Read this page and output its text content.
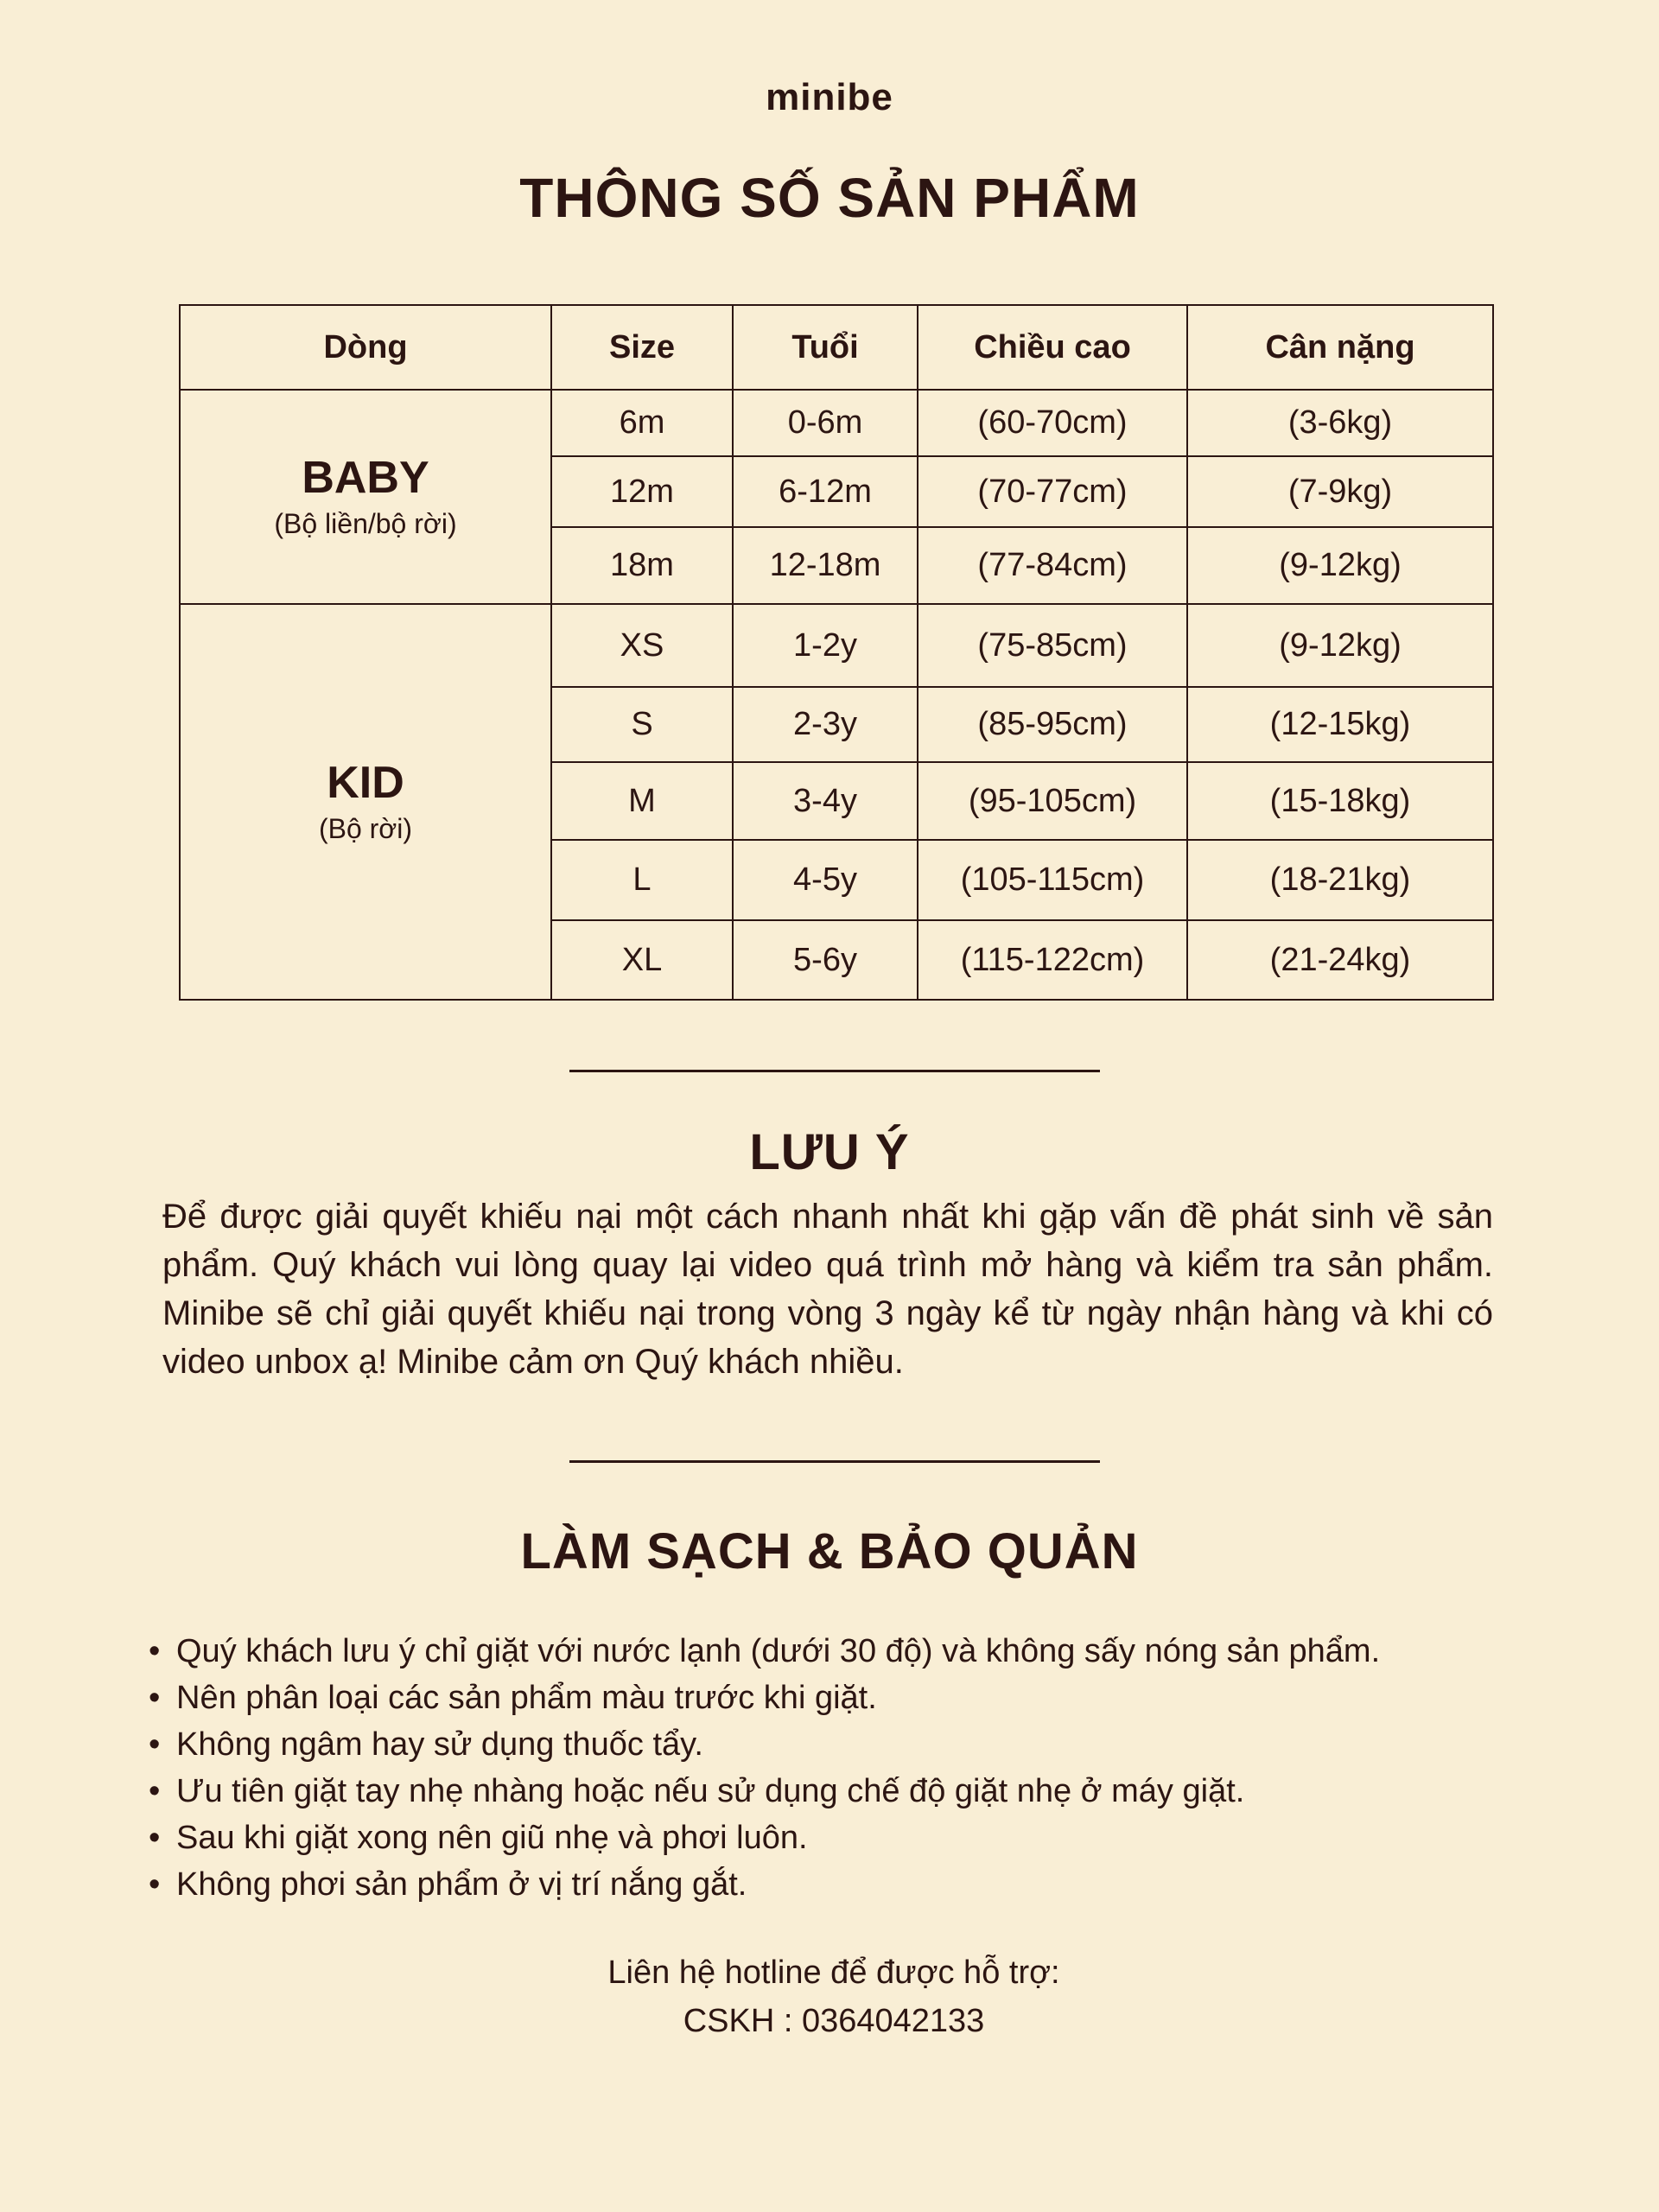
minibe
THÔNG SỐ SẢN PHẨM
Dòng	Size	Tuổi	Chiều cao	Cân nặng

BABY
(Bộ liền/bộ rời)	6m	0-6m	(60-70cm)	(3-6kg)
	12m	6-12m	(70-77cm)	(7-9kg)
	18m	12-18m	(77-84cm)	(9-12kg)

KID
(Bộ rời)	XS	1-2y	(75-85cm)	(9-12kg)
	S	2-3y	(85-95cm)	(12-15kg)
	M	3-4y	(95-105cm)	(15-18kg)
	L	4-5y	(105-115cm)	(18-21kg)
	XL	5-6y	(115-122cm)	(21-24kg)
LƯU Ý
Để được giải quyết khiếu nại một cách nhanh nhất khi gặp vấn đề phát sinh về sản phẩm. Quý khách vui lòng quay lại video quá trình mở hàng và kiểm tra sản phẩm. Minibe sẽ chỉ giải quyết khiếu nại trong vòng 3 ngày kể từ ngày nhận hàng và khi có video unbox ạ! Minibe cảm ơn Quý khách nhiều.
LÀM SẠCH & BẢO QUẢN
• Quý khách lưu ý chỉ giặt với nước lạnh (dưới 30 độ) và không sấy nóng sản phẩm.
• Nên phân loại các sản phẩm màu trước khi giặt.
• Không ngâm hay sử dụng thuốc tẩy.
• Ưu tiên giặt tay nhẹ nhàng hoặc nếu sử dụng chế độ giặt nhẹ ở máy giặt.
• Sau khi giặt xong nên giũ nhẹ và phơi luôn.
• Không phơi sản phẩm ở vị trí nắng gắt.
Liên hệ hotline để được hỗ trợ:
CSKH : 0364042133
